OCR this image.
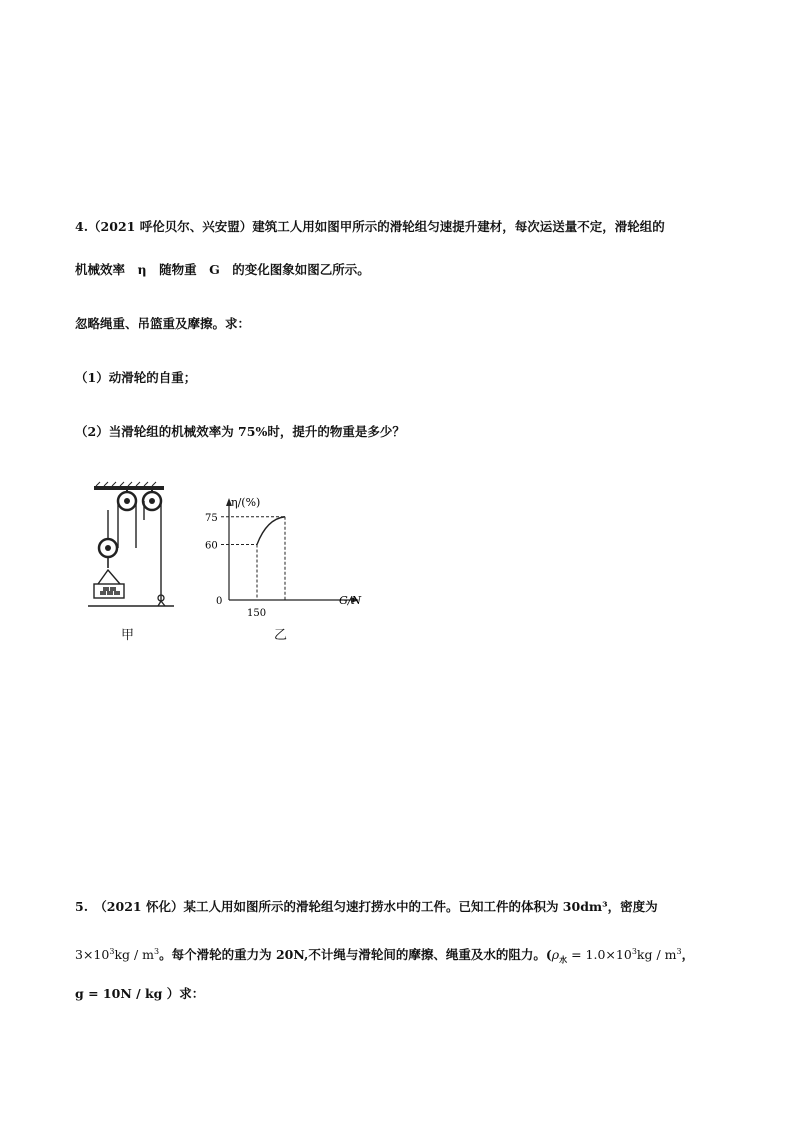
4.（2021 呼伦贝尔、兴安盟）建筑工人用如图甲所示的滑轮组匀速提升建材，每次运送量不定，滑轮组的
机械效率　η　随物重　G　的变化图象如图乙所示。
忽略绳重、吊篮重及摩擦。求：
（1）动滑轮的自重；
（2）当滑轮组的机械效率为 75%时，提升的物重是多少？
甲
η/(%)
G/N
0
60
75
150
乙
5.　（2021 怀化）某工人用如图所示的滑轮组匀速打捞水中的工件。已知工件的体积为 30dm³，密度为
$3\times 10^3kg / m^3$。每个滑轮的重力为 20N,不计绳与滑轮间的摩擦、绳重及水的阻力。($\rho_水 = 1.0\times 10^3kg / m^3$，
g = 10N / kg ）求：
